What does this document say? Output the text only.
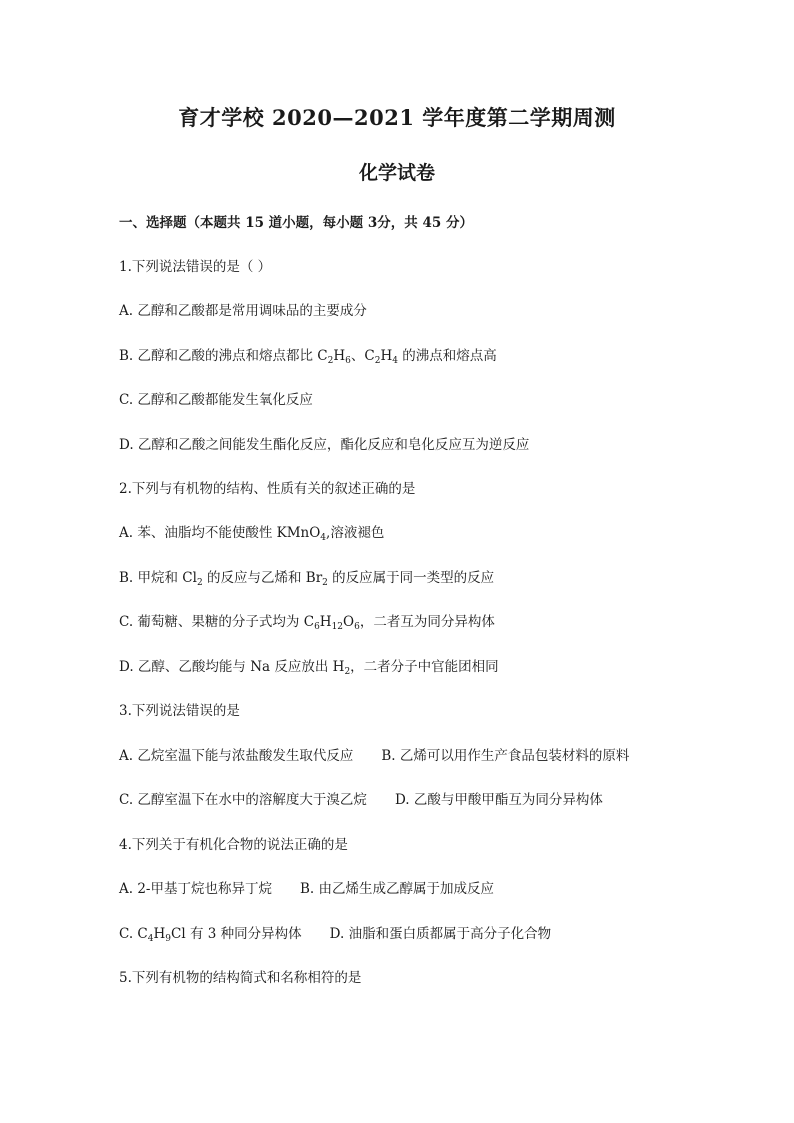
育才学校 2020—2021 学年度第二学期周测
化学试卷
一、选择题（本题共 15 道小题，每小题 3分，共 45 分）
1.下列说法错误的是（ ）
A. 乙醇和乙酸都是常用调味品的主要成分
B. 乙醇和乙酸的沸点和熔点都比 $C_2H_6$、$C_2H_4$ 的沸点和熔点高
C. 乙醇和乙酸都能发生氧化反应
D. 乙醇和乙酸之间能发生酯化反应，酯化反应和皂化反应互为逆反应
2.下列与有机物的结构、性质有关的叙述正确的是
A. 苯、油脂均不能使酸性 KMnO$_4$,溶液褪色
B. 甲烷和 $Cl_2$ 的反应与乙烯和 $Br_2$ 的反应属于同一类型的反应
C. 葡萄糖、果糖的分子式均为 $C_6H_{12}O_6$，二者互为同分异构体
D. 乙醇、乙酸均能与 Na 反应放出 $H_2$，二者分子中官能团相同
3.下列说法错误的是
A. 乙烷室温下能与浓盐酸发生取代反应 B. 乙烯可以用作生产食品包装材料的原料
C. 乙醇室温下在水中的溶解度大于溴乙烷 D. 乙酸与甲酸甲酯互为同分异构体
4.下列关于有机化合物的说法正确的是
A. 2-甲基丁烷也称异丁烷 B. 由乙烯生成乙醇属于加成反应
C. $C_4H_9Cl$ 有 3 种同分异构体 D. 油脂和蛋白质都属于高分子化合物
5.下列有机物的结构简式和名称相符的是
